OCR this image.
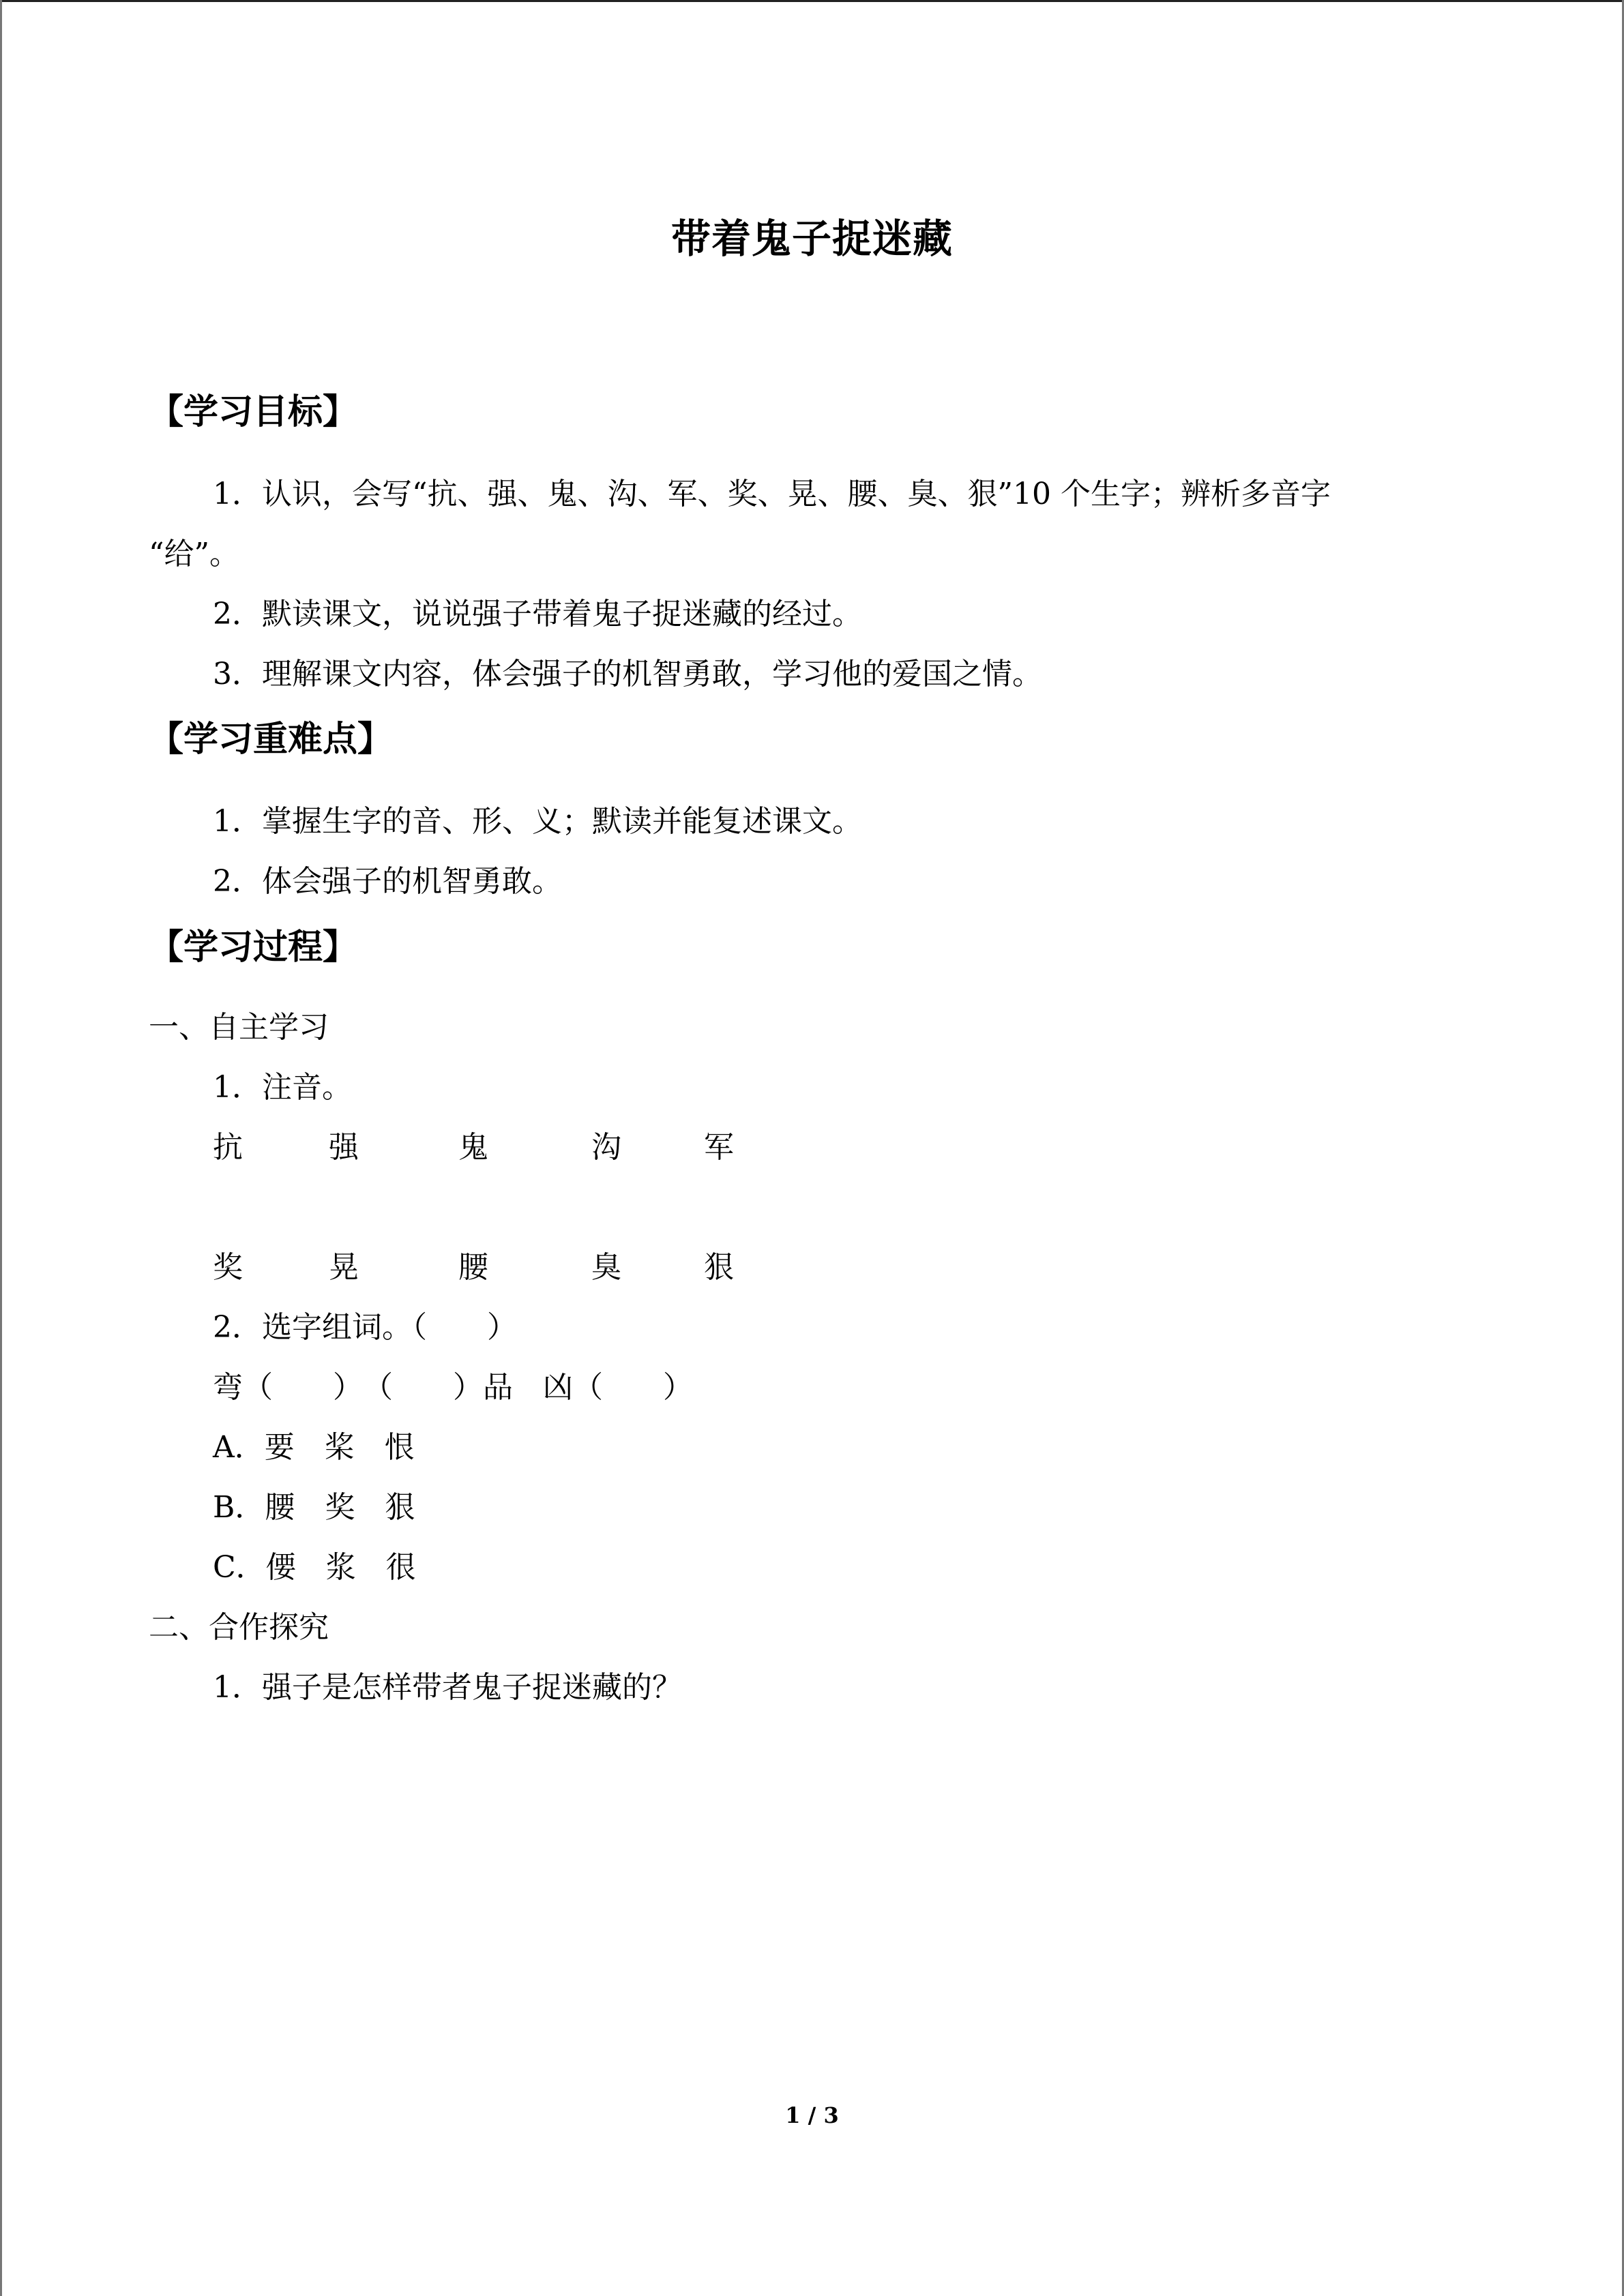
带着鬼子捉迷藏
【学习目标】
1．认识，会写“抗、强、鬼、沟、军、奖、晃、腰、臭、狠”10 个生字；辨析多音字
“给”。
2．默读课文，说说强子带着鬼子捉迷藏的经过。
3．理解课文内容，体会强子的机智勇敢，学习他的爱国之情。
【学习重难点】
1．掌握生字的音、形、义；默读并能复述课文。
2．体会强子的机智勇敢。
【学习过程】
一、自主学习
1．注音。
抗	强	鬼	沟	军
奖	晃	腰	臭	狠
2．选字组词。（　　）
弯（　　）　（　　）品　凶（　　）
A．要　桨　恨
B．腰　奖　狠
C．偠　浆　很
二、合作探究
1．强子是怎样带者鬼子捉迷藏的？
1 / 3
